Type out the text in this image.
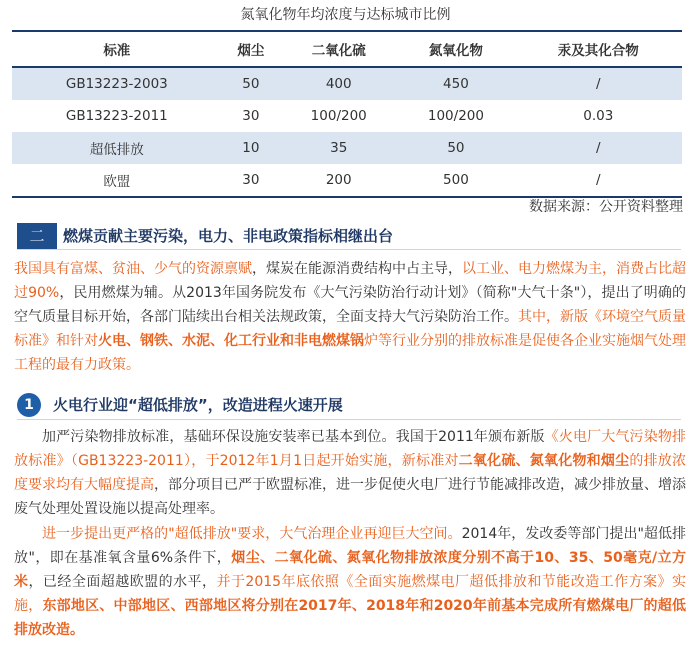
氮氧化物年均浓度与达标城市比例
标准	烟尘	二氧化硫	氮氧化物	汞及其化合物
GB13223-2003	50	400	450	/
GB13223-2011	30	100/200	100/200	0.03
超低排放	10	35	50	/
欧盟	30	200	500	/
数据来源：公开资料整理
二	燃煤贡献主要污染，电力、非电政策指标相继出台

我国具有富煤、贫油、少气的资源禀赋，煤炭在能源消费结构中占主导，以工业、电力燃煤为主，消费占比超过90%，民用燃煤为辅。从2013年国务院发布《大气污染防治行动计划》（简称"大气十条"），提出了明确的空气质量目标开始，各部门陆续出台相关法规政策，全面支持大气污染防治工作。其中，新版《环境空气质量标准》和针对火电、钢铁、水泥、化工行业和非电燃煤锅炉等行业分别的排放标准是促使各企业实施烟气处理工程的最有力政策。

1	火电行业迎“超低排放”，改造进程火速开展

加严污染物排放标准，基础环保设施安装率已基本到位。我国于2011年颁布新版《火电厂大气污染物排放标准》（GB13223-2011），于2012年1月1日起开始实施，新标准对二氧化硫、氮氧化物和烟尘的排放浓度要求均有大幅度提高，部分项目已严于欧盟标准，进一步促使火电厂进行节能减排改造，减少排放量、增添废气处理处置设施以提高处理率。

进一步提出更严格的"超低排放"要求，大气治理企业再迎巨大空间。2014年，发改委等部门提出"超低排放"，即在基准氧含量6%条件下，烟尘、二氧化硫、氮氧化物排放浓度分别不高于10、35、50毫克/立方米，已经全面超越欧盟的水平，并于2015年底依照《全面实施燃煤电厂超低排放和节能改造工作方案》实施，东部地区、中部地区、西部地区将分别在2017年、2018年和2020年前基本完成所有燃煤电厂的超低排放改造。
